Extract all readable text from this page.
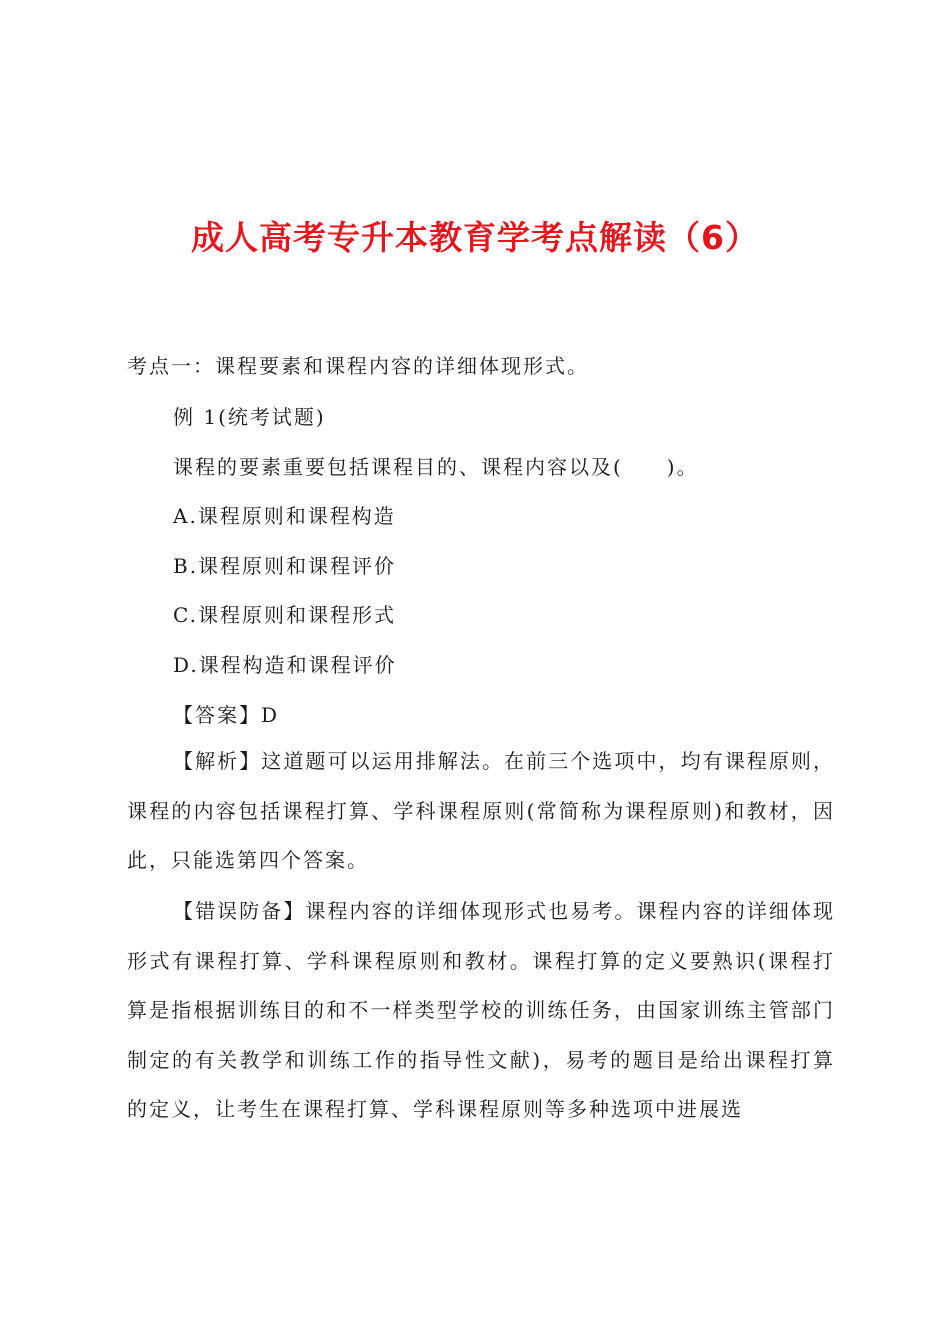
成人高考专升本教育学考点解读（6）
考点一：课程要素和课程内容的详细体现形式。
例 1(统考试题)
课程的要素重要包括课程目的、课程内容以及(　　)。
A.课程原则和课程构造
B.课程原则和课程评价
C.课程原则和课程形式
D.课程构造和课程评价
【答案】D
【解析】这道题可以运用排解法。在前三个选项中，均有课程原则，课程的内容包括课程打算、学科课程原则(常简称为课程原则)和教材，因此，只能选第四个答案。
【错误防备】课程内容的详细体现形式也易考。课程内容的详细体现形式有课程打算、学科课程原则和教材。课程打算的定义要熟识(课程打算是指根据训练目的和不一样类型学校的训练任务，由国家训练主管部门制定的有关教学和训练工作的指导性文献)，易考的题目是给出课程打算的定义，让考生在课程打算、学科课程原则等多种选项中进展选
